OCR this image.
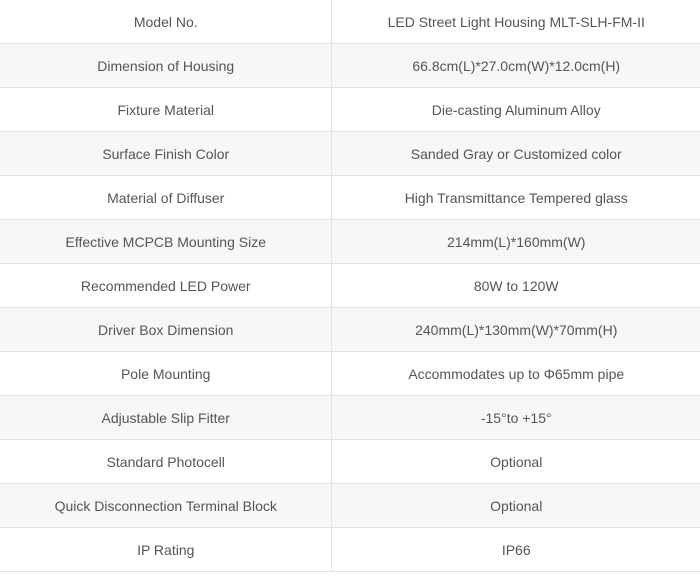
Model No.	LED Street Light Housing MLT-SLH-FM-II
Dimension of Housing	66.8cm(L)*27.0cm(W)*12.0cm(H)
Fixture Material	Die-casting Aluminum Alloy
Surface Finish Color	Sanded Gray or Customized color
Material of Diffuser	High Transmittance Tempered glass
Effective MCPCB Mounting Size	214mm(L)*160mm(W)
Recommended LED Power	80W to 120W
Driver Box Dimension	240mm(L)*130mm(W)*70mm(H)
Pole Mounting	Accommodates up to Φ65mm pipe
Adjustable Slip Fitter	-15°to +15°
Standard Photocell	Optional
Quick Disconnection Terminal Block	Optional
IP Rating	IP66
